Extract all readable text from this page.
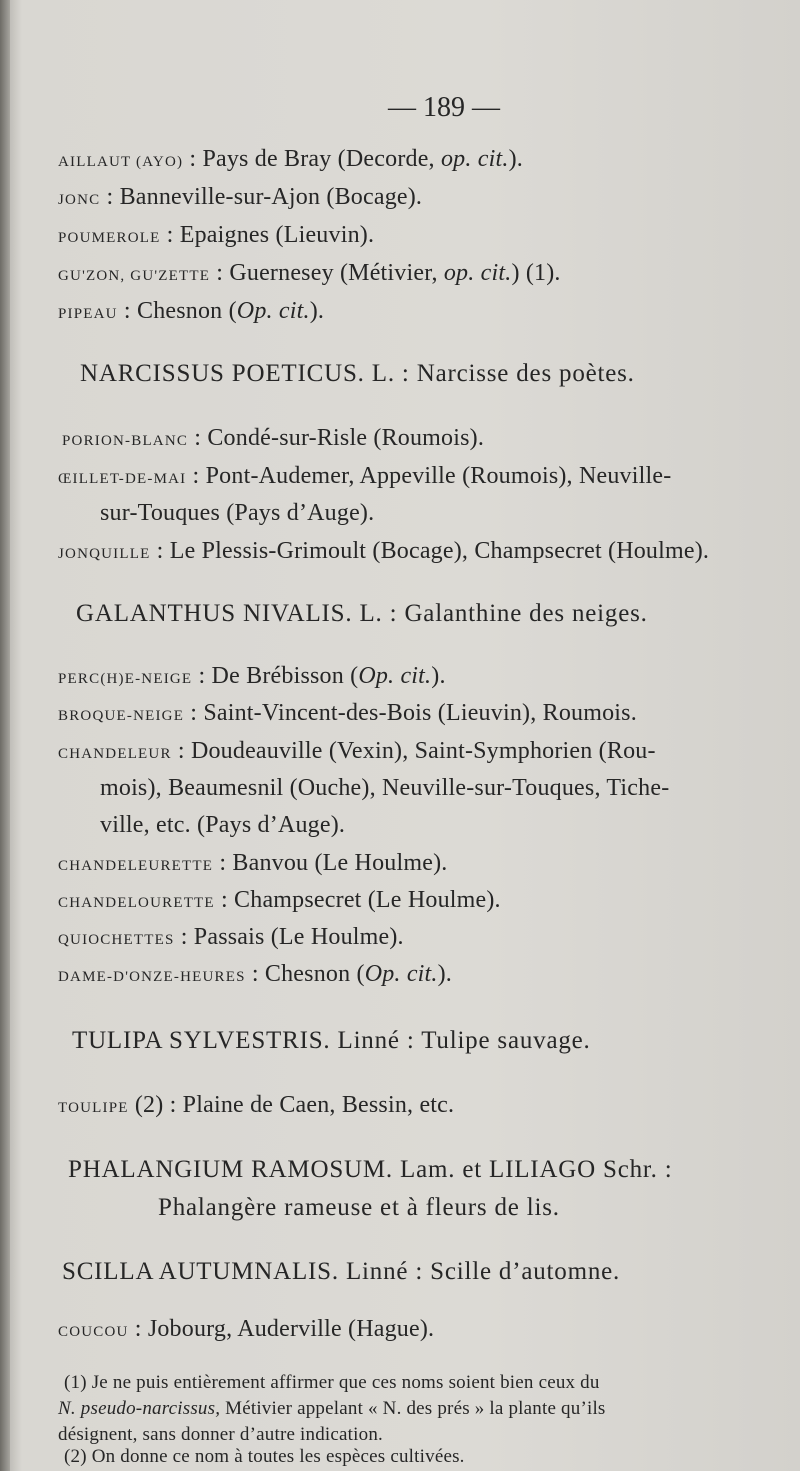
— 189 —
AILLAUT (AYO) : Pays de Bray (Decorde, op. cit.).
JONC : Banneville-sur-Ajon (Bocage).
POUMEROLE : Epaignes (Lieuvin).
GU'ZON, GU'ZETTE : Guernesey (Métivier, op. cit.) (1).
PIPEAU : Chesnon (Op. cit.).
NARCISSUS POETICUS. L. : Narcisse des poètes.
PORION-BLANC : Condé-sur-Risle (Roumois).
ŒILLET-DE-MAI : Pont-Audemer, Appeville (Roumois), Neuville-
sur-Touques (Pays d’Auge).
JONQUILLE : Le Plessis-Grimoult (Bocage), Champsecret (Houlme).
GALANTHUS NIVALIS. L. : Galanthine des neiges.
PERC(H)E-NEIGE : De Brébisson (Op. cit.).
BROQUE-NEIGE : Saint-Vincent-des-Bois (Lieuvin), Roumois.
CHANDELEUR : Doudeauville (Vexin), Saint-Symphorien (Rou-
mois), Beaumesnil (Ouche), Neuville-sur-Touques, Tiche-
ville, etc. (Pays d’Auge).
CHANDELEURETTE : Banvou (Le Houlme).
CHANDELOURETTE : Champsecret (Le Houlme).
QUIOCHETTES : Passais (Le Houlme).
DAME-D'ONZE-HEURES : Chesnon (Op. cit.).
TULIPA SYLVESTRIS. Linné : Tulipe sauvage.
TOULIPE (2) : Plaine de Caen, Bessin, etc.
PHALANGIUM RAMOSUM. Lam. et LILIAGO Schr. :
Phalangère rameuse et à fleurs de lis.
SCILLA AUTUMNALIS. Linné : Scille d’automne.
COUCOU : Jobourg, Auderville (Hague).
(1) Je ne puis entièrement affirmer que ces noms soient bien ceux du
N. pseudo-narcissus, Métivier appelant « N. des prés » la plante qu’ils
désignent, sans donner d’autre indication.
(2) On donne ce nom à toutes les espèces cultivées.
